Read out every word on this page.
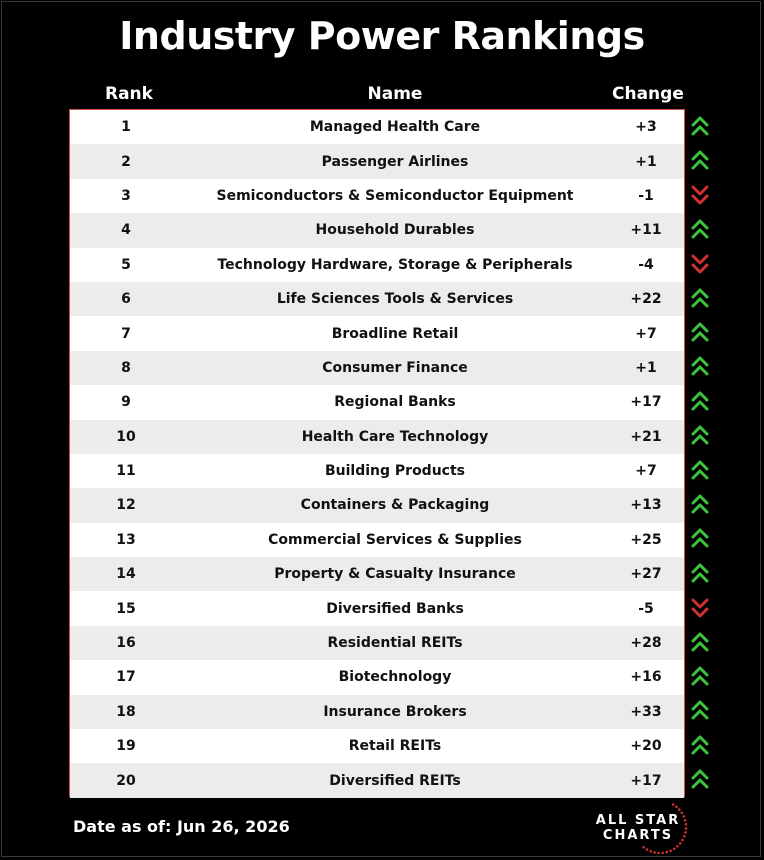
Industry Power Rankings
Rank	Name	Change
1	Managed Health Care	+3
2	Passenger Airlines	+1
3	Semiconductors & Semiconductor Equipment	-1
4	Household Durables	+11
5	Technology Hardware, Storage & Peripherals	-4
6	Life Sciences Tools & Services	+22
7	Broadline Retail	+7
8	Consumer Finance	+1
9	Regional Banks	+17
10	Health Care Technology	+21
11	Building Products	+7
12	Containers & Packaging	+13
13	Commercial Services & Supplies	+25
14	Property & Casualty Insurance	+27
15	Diversified Banks	-5
16	Residential REITs	+28
17	Biotechnology	+16
18	Insurance Brokers	+33
19	Retail REITs	+20
20	Diversified REITs	+17
Date as of: Jun 26, 2026	ALL STAR
CHARTS
